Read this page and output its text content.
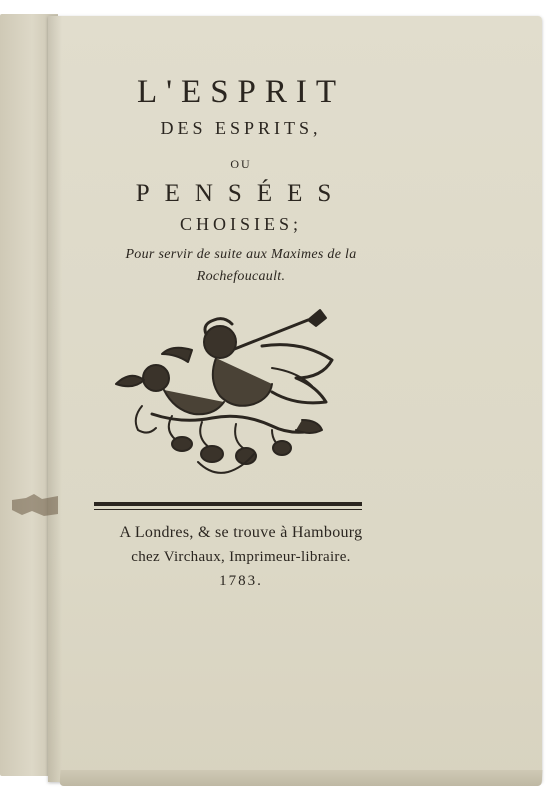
L'ESPRIT
DES ESPRITS,
OU
PENSÉES
CHOISIES;
Pour servir de suite aux Maximes de la
Rochefoucault.
A Londres, & se trouve à Hambourg
chez Virchaux, Imprimeur-libraire.
1783.
